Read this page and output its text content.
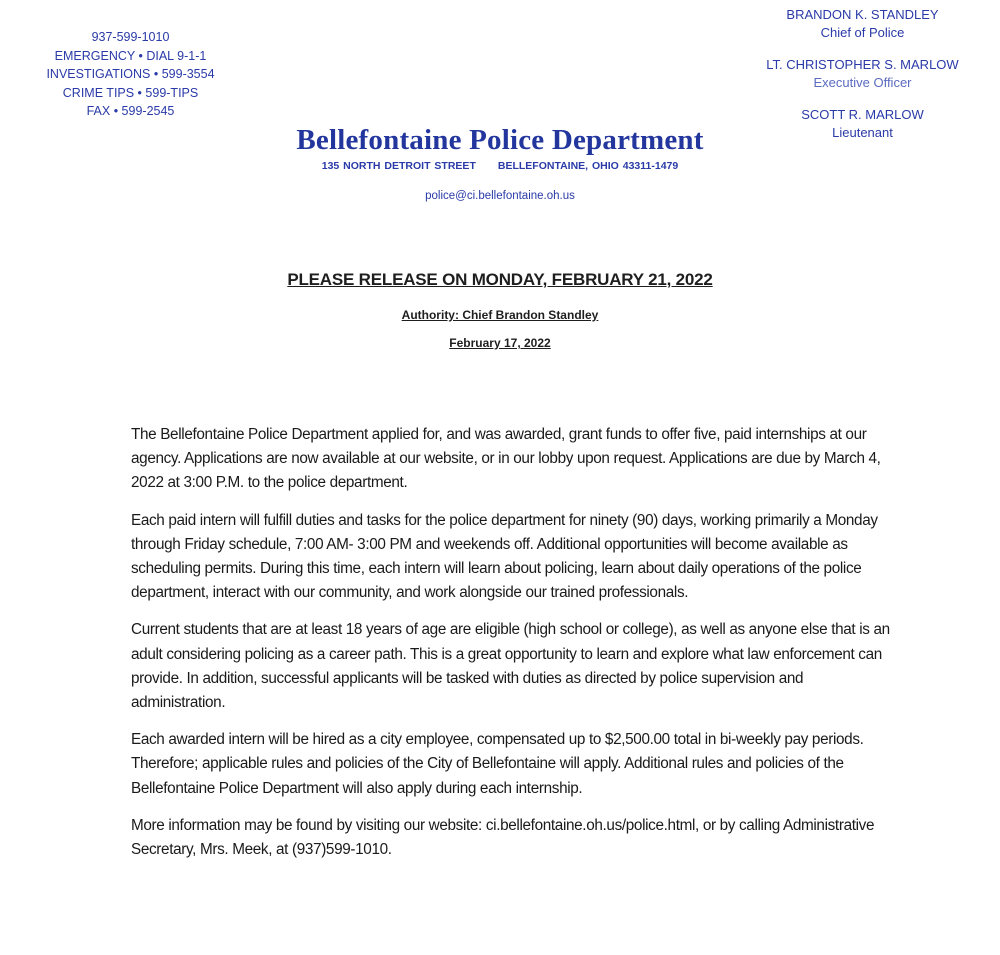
937-599-1010
EMERGENCY • DIAL 9-1-1
INVESTIGATIONS • 599-3554
CRIME TIPS • 599-TIPS
FAX • 599-2545
BRANDON K. STANDLEY
Chief of Police
LT. CHRISTOPHER S. MARLOW
Executive Officer
SCOTT R. MARLOW
Lieutenant
Bellefontaine Police Department
135 NORTH DETROIT STREET BELLEFONTAINE, OHIO 43311-1479
police@ci.bellefontaine.oh.us
PLEASE RELEASE ON MONDAY, FEBRUARY 21, 2022
Authority: Chief Brandon Standley
February 17, 2022

The Bellefontaine Police Department applied for, and was awarded, grant funds to offer five, paid internships at our agency. Applications are now available at our website, or in our lobby upon request. Applications are due by March 4, 2022 at 3:00 P.M. to the police department.

Each paid intern will fulfill duties and tasks for the police department for ninety (90) days, working primarily a Monday through Friday schedule, 7:00 AM- 3:00 PM and weekends off. Additional opportunities will become available as scheduling permits. During this time, each intern will learn about policing, learn about daily operations of the police department, interact with our community, and work alongside our trained professionals.

Current students that are at least 18 years of age are eligible (high school or college), as well as anyone else that is an adult considering policing as a career path. This is a great opportunity to learn and explore what law enforcement can provide. In addition, successful applicants will be tasked with duties as directed by police supervision and administration.

Each awarded intern will be hired as a city employee, compensated up to $2,500.00 total in bi-weekly pay periods. Therefore; applicable rules and policies of the City of Bellefontaine will apply. Additional rules and policies of the Bellefontaine Police Department will also apply during each internship.

More information may be found by visiting our website: ci.bellefontaine.oh.us/police.html, or by calling Administrative Secretary, Mrs. Meek, at (937)599-1010.
